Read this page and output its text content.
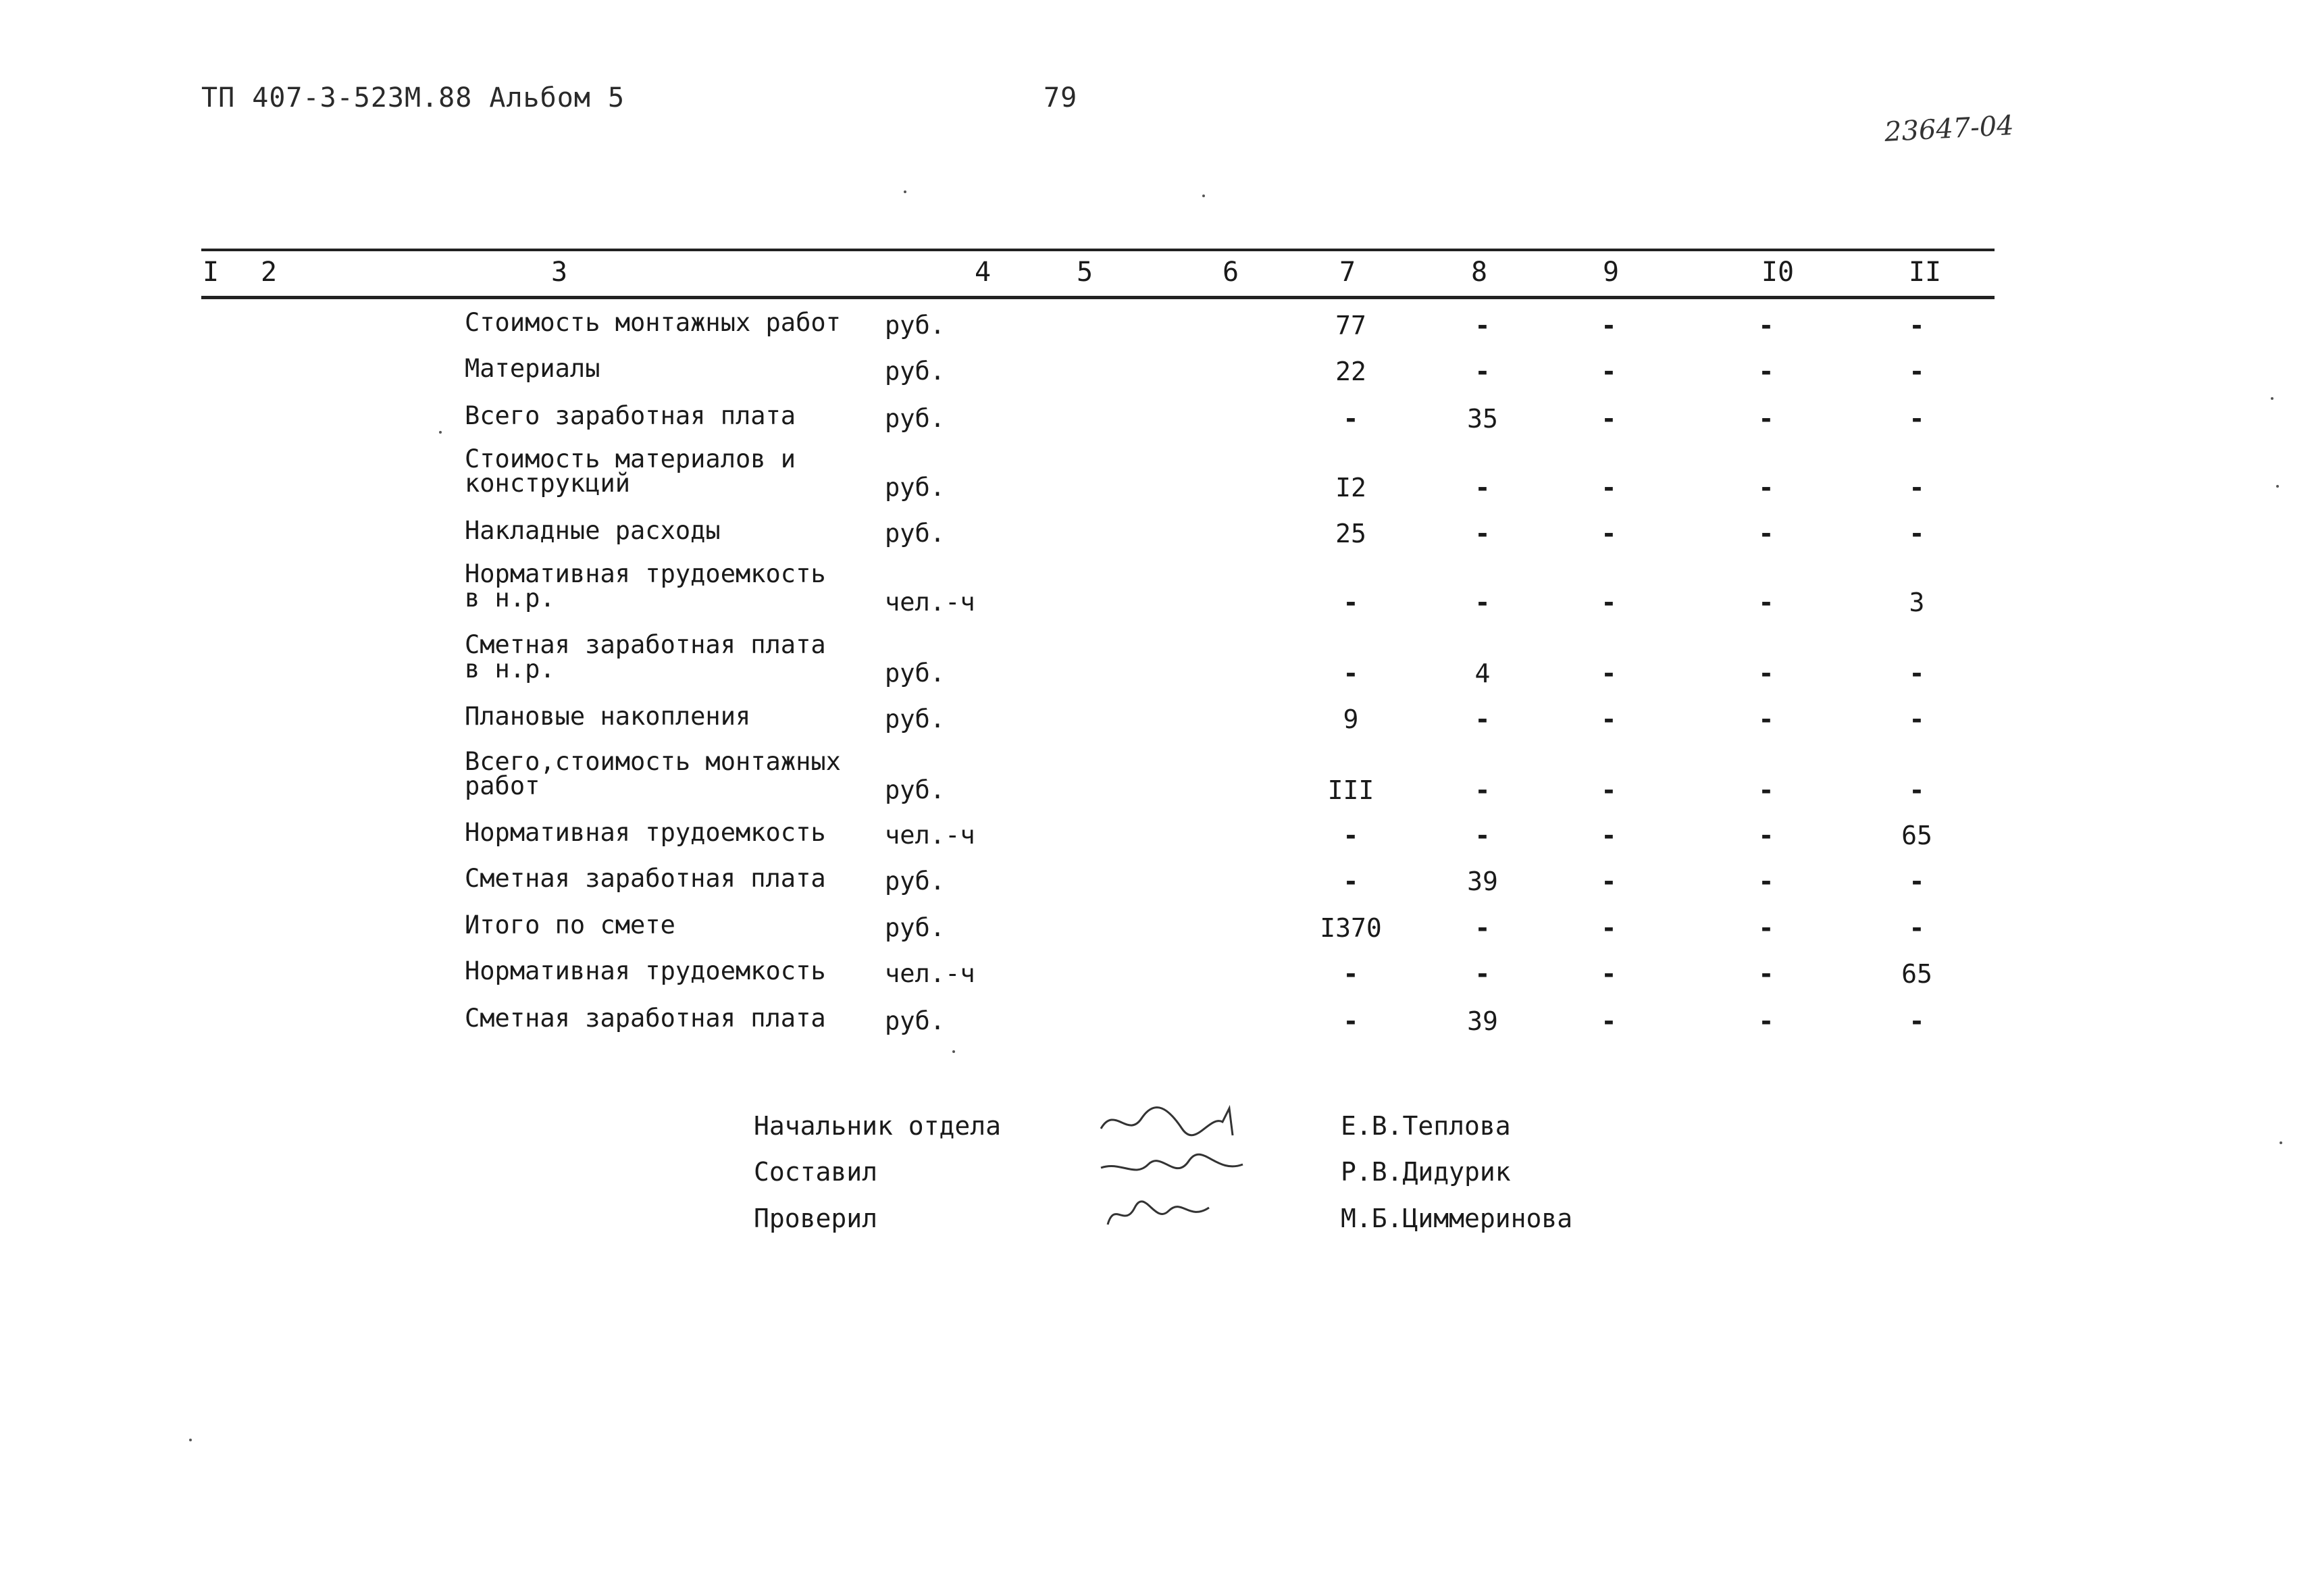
ТП 407-3-523М.88 Альбом 5	79
23647-04
I 2	3	4	5	6	7	8	9	I0	II
Стоимость монтажных работ руб.	77	-	-	-	-
Материалы	руб.	22	-	-	-	-
Всего заработная плата	руб.	-	35	-	-	-
Стоимость материалов и
конструкций	руб.	I2	-	-	-	-
Накладные расходы	руб.	25	-	-	-	-
Нормативная трудоемкость
в н.р.	чел.-ч	-	-	-	-	3
Сметная заработная плата
в н.р.	руб.	-	4	-	-	-
Плановые накопления	руб.	9	-	-	-	-
Всего,стоимость монтажных
работ	руб.	III	-	-	-	-
Нормативная трудоемкость чел.-ч	-	-	-	-	65
Сметная заработная плата руб.	-	39	-	-	-
Итого по смете	руб.	I370	-	-	-	-
Нормативная трудоемкость чел.-ч	-	-	-	-	65
Сметная заработная плата руб.	-	39	-	-	-
Начальник отдела	Е.В.Теплова
Составил	Р.В.Дидурик
Проверил	М.Б.Циммеринова
